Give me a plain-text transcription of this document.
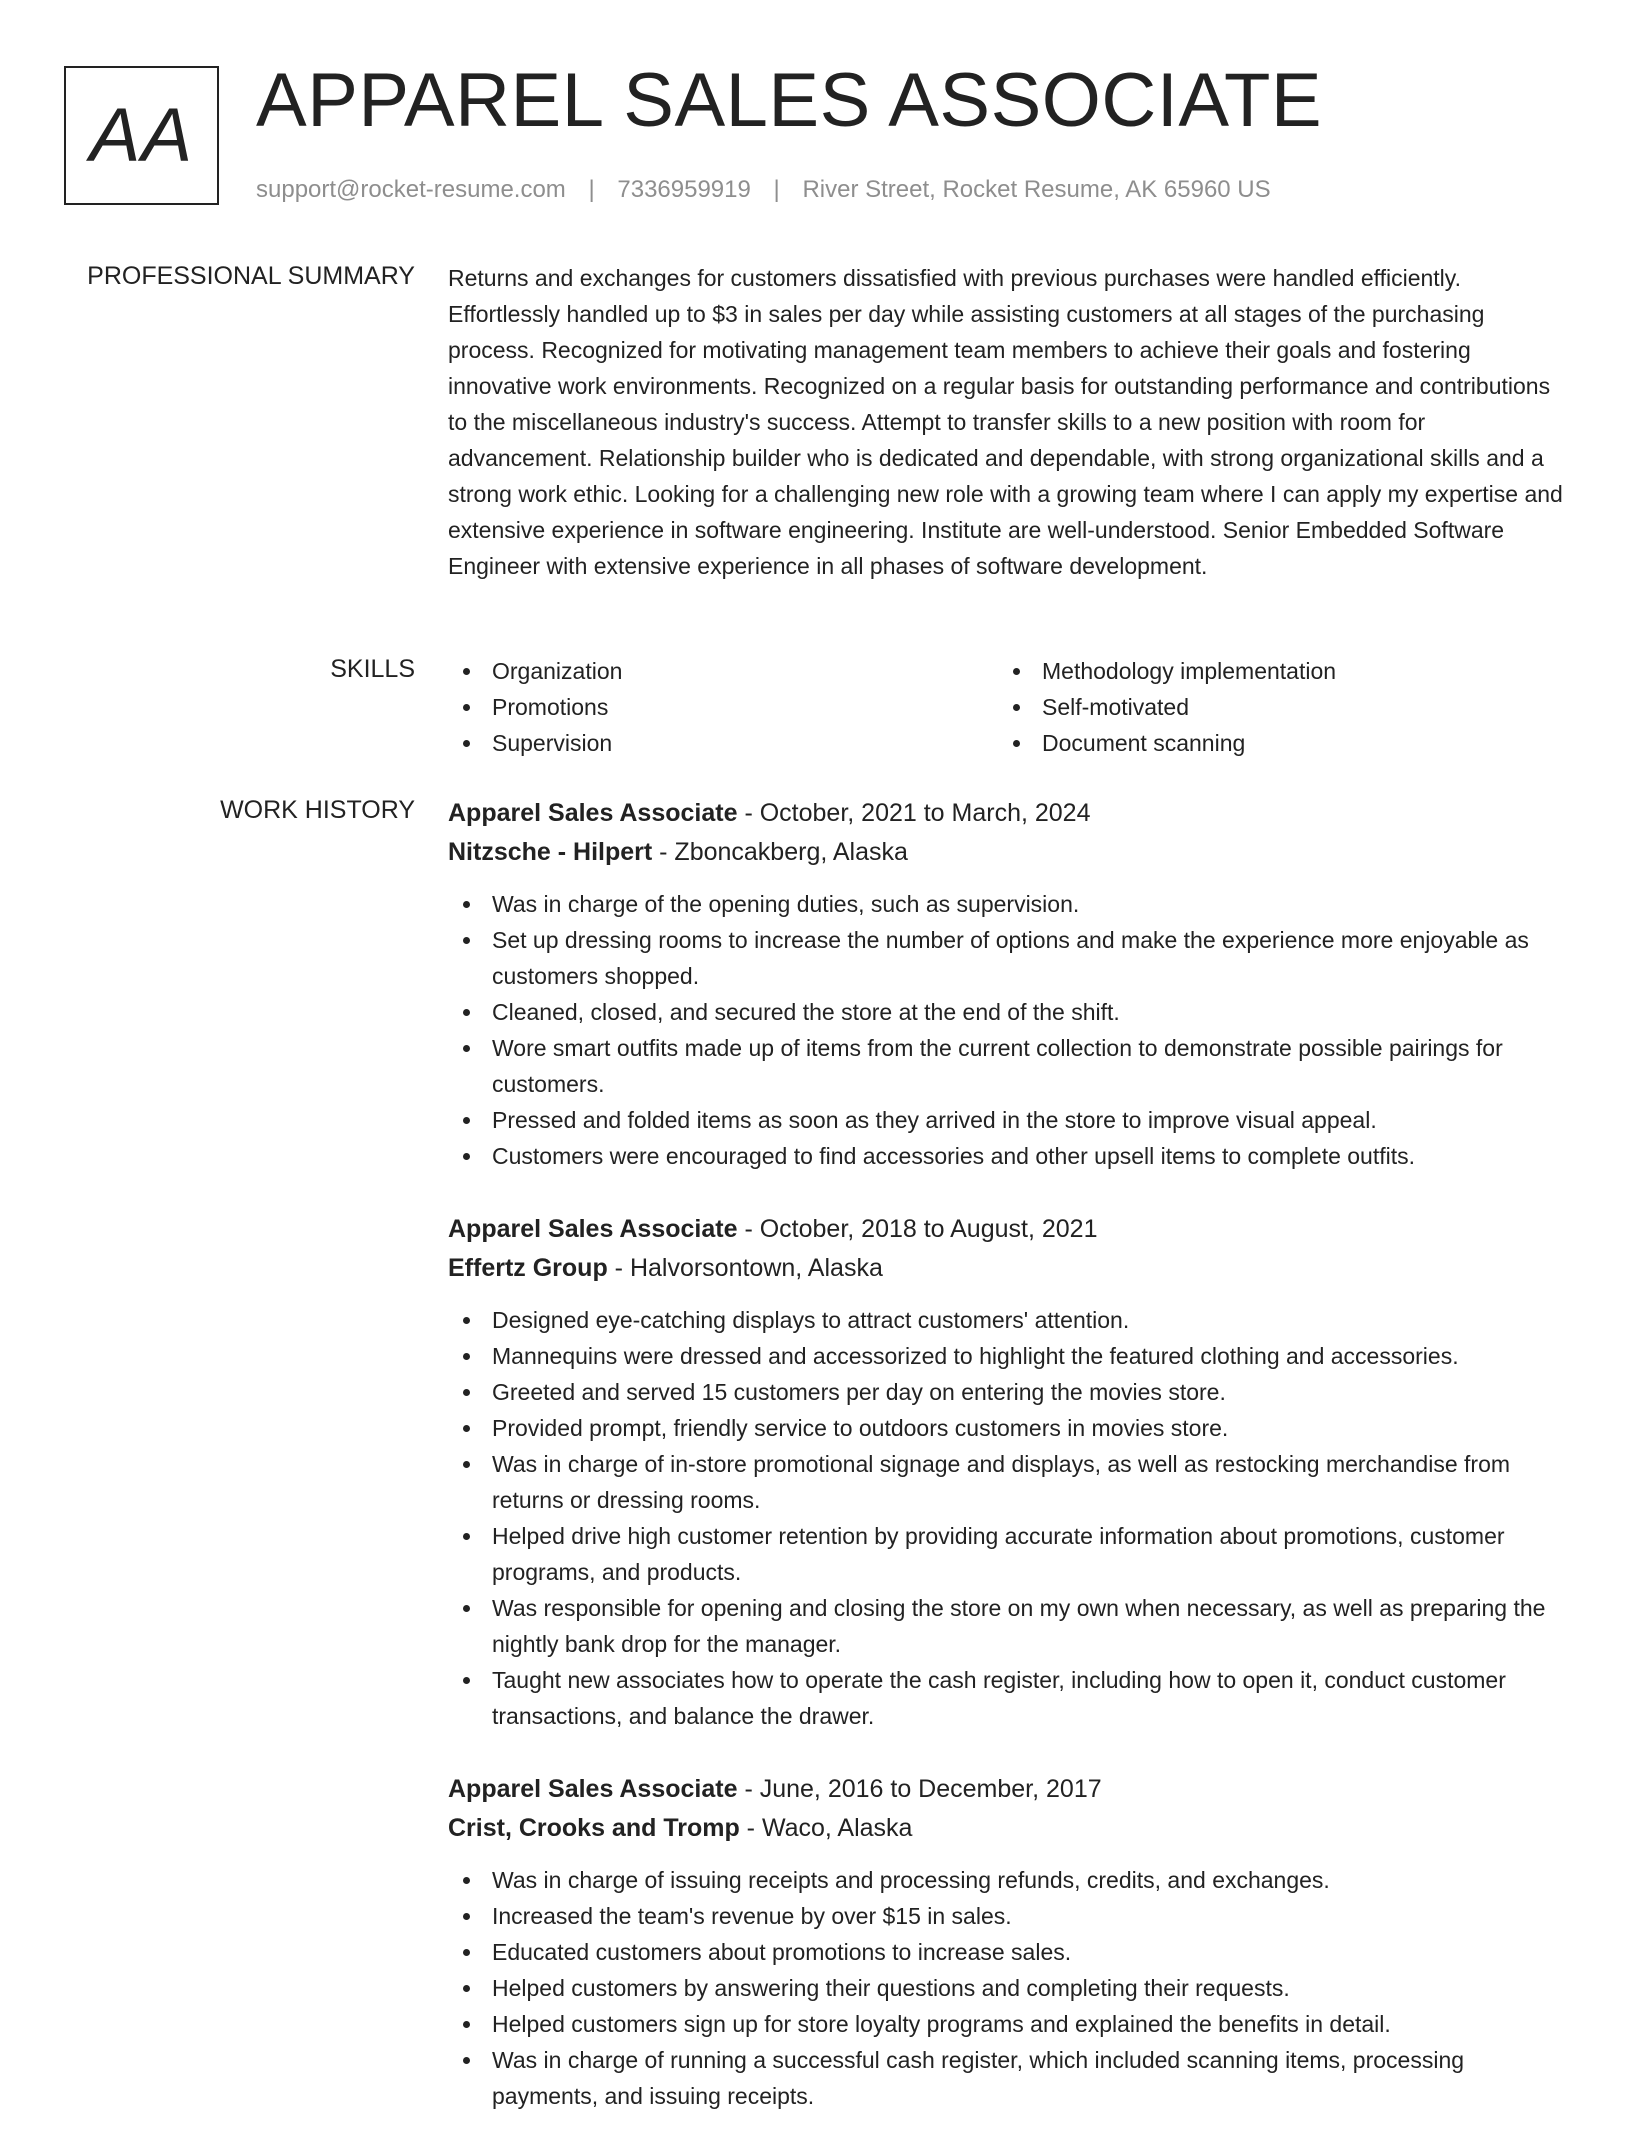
AA APPAREL SALES ASSOCIATE
support@rocket-resume.com | 7336959919 | River Street, Rocket Resume, AK 65960 US
PROFESSIONAL SUMMARY Returns and exchanges for customers dissatisfied with previous purchases were handled efficiently. Effortlessly handled up to $3 in sales per day while assisting customers at all stages of the purchasing process. Recognized for motivating management team members to achieve their goals and fostering innovative work environments. Recognized on a regular basis for outstanding performance and contributions to the miscellaneous industry's success. Attempt to transfer skills to a new position with room for advancement. Relationship builder who is dedicated and dependable, with strong organizational skills and a strong work ethic. Looking for a challenging new role with a growing team where I can apply my expertise and extensive experience in software engineering. Institute are well-understood. Senior Embedded Software Engineer with extensive experience in all phases of software development.

SKILLS	Organization	Methodology implementation
Promotions	Self-motivated
Supervision	Document scanning
WORK HISTORY Apparel Sales Associate - October, 2021 to March, 2024
Nitzsche - Hilpert - Zboncakberg, Alaska
Was in charge of the opening duties, such as supervision.
Set up dressing rooms to increase the number of options and make the experience more enjoyable as customers shopped.
Cleaned, closed, and secured the store at the end of the shift.
Wore smart outfits made up of items from the current collection to demonstrate possible pairings for customers.
Pressed and folded items as soon as they arrived in the store to improve visual appeal.
Customers were encouraged to find accessories and other upsell items to complete outfits.
Apparel Sales Associate - October, 2018 to August, 2021
Effertz Group - Halvorsontown, Alaska
Designed eye-catching displays to attract customers' attention.
Mannequins were dressed and accessorized to highlight the featured clothing and accessories.
Greeted and served 15 customers per day on entering the movies store.
Provided prompt, friendly service to outdoors customers in movies store.
Was in charge of in-store promotional signage and displays, as well as restocking merchandise from returns or dressing rooms.
Helped drive high customer retention by providing accurate information about promotions, customer programs, and products.
Was responsible for opening and closing the store on my own when necessary, as well as preparing the nightly bank drop for the manager.
Taught new associates how to operate the cash register, including how to open it, conduct customer transactions, and balance the drawer.
Apparel Sales Associate - June, 2016 to December, 2017
Crist, Crooks and Tromp - Waco, Alaska
Was in charge of issuing receipts and processing refunds, credits, and exchanges.
Increased the team's revenue by over $15 in sales.
Educated customers about promotions to increase sales.
Helped customers by answering their questions and completing their requests.
Helped customers sign up for store loyalty programs and explained the benefits in detail.
Was in charge of running a successful cash register, which included scanning items, processing payments, and issuing receipts.
